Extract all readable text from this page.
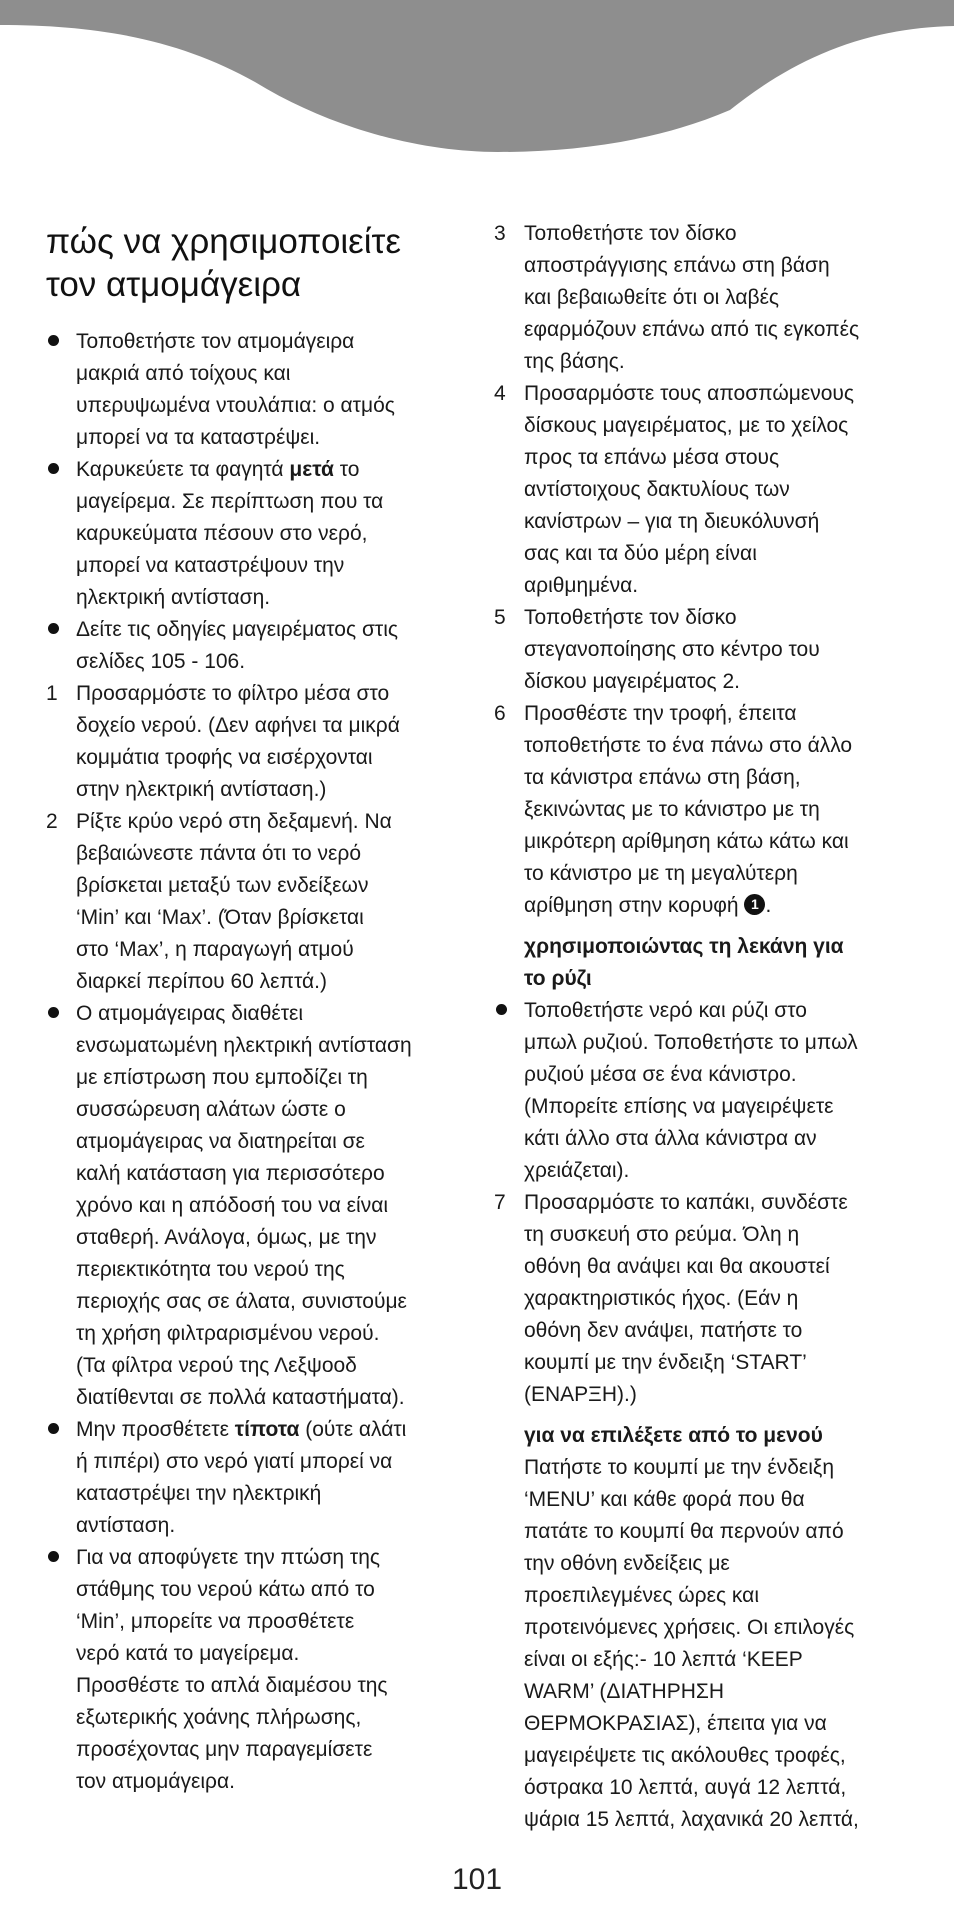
πώς να χρησιμοποιείτε
τον ατμομάγειρα
Τοποθετήστε τον ατμομάγειρα
μακριά από τοίχους και
υπερυψωμένα ντουλάπια: ο ατμός
μπορεί να τα καταστρέψει.
Καρυκεύετε τα φαγητά μετά το
μαγείρεμα. Σε περίπτωση που τα
καρυκεύματα πέσουν στο νερό,
μπορεί να καταστρέψουν την
ηλεκτρική αντίσταση.
Δείτε τις οδηγίες μαγειρέματος στις
σελίδες 105 - 106.
1 Προσαρμόστε το φίλτρο μέσα στο
δοχείο νερού. (Δεν αφήνει τα μικρά
κομμάτια τροφής να εισέρχονται
στην ηλεκτρική αντίσταση.)
2 Ρίξτε κρύο νερό στη δεξαμενή. Να
βεβαιώνεστε πάντα ότι το νερό
βρίσκεται μεταξύ των ενδείξεων
‘Min’ και ‘Max’. (Όταν βρίσκεται
στο ‘Max’, η παραγωγή ατμού
διαρκεί περίπου 60 λεπτά.)
Ο ατμομάγειρας διαθέτει
ενσωματωμένη ηλεκτρική αντίσταση
με επίστρωση που εμποδίζει τη
συσσώρευση αλάτων ώστε ο
ατμομάγειρας να διατηρείται σε
καλή κατάσταση για περισσότερο
χρόνο και η απόδοσή του να είναι
σταθερή. Ανάλογα, όμως, με την
περιεκτικότητα του νερού της
περιοχής σας σε άλατα, συνιστούμε
τη χρήση φιλτραρισμένου νερού.
(Τα φίλτρα νερού της Λεξψοοδ
διατίθενται σε πολλά καταστήματα).
Μην προσθέτετε τίποτα (ούτε αλάτι
ή πιπέρι) στο νερό γιατί μπορεί να
καταστρέψει την ηλεκτρική
αντίσταση.
Για να αποφύγετε την πτώση της
στάθμης του νερού κάτω από το
‘Min’, μπορείτε να προσθέτετε
νερό κατά το μαγείρεμα.
Προσθέστε το απλά διαμέσου της
εξωτερικής χοάνης πλήρωσης,
προσέχοντας μην παραγεμίσετε
τον ατμομάγειρα.
3 Τοποθετήστε τον δίσκο
αποστράγγισης επάνω στη βάση
και βεβαιωθείτε ότι οι λαβές
εφαρμόζουν επάνω από τις εγκοπές
της βάσης.
4 Προσαρμόστε τους αποσπώμενους
δίσκους μαγειρέματος, με το χείλος
προς τα επάνω μέσα στους
αντίστοιχους δακτυλίους των
κανίστρων – για τη διευκόλυνσή
σας και τα δύο μέρη είναι
αριθμημένα.
5 Τοποθετήστε τον δίσκο
στεγανοποίησης στο κέντρο του
δίσκου μαγειρέματος 2.
6 Προσθέστε την τροφή, έπειτα
τοποθετήστε το ένα πάνω στο άλλο
τα κάνιστρα επάνω στη βάση,
ξεκινώντας με το κάνιστρο με τη
μικρότερη αρίθμηση κάτω κάτω και
το κάνιστρο με τη μεγαλύτερη
αρίθμηση στην κορυφή 1 .
χρησιμοποιώντας τη λεκάνη για
το ρύζι
Τοποθετήστε νερό και ρύζι στο
μπωλ ρυζιού. Τοποθετήστε το μπωλ
ρυζιού μέσα σε ένα κάνιστρο.
(Μπορείτε επίσης να μαγειρέψετε
κάτι άλλο στα άλλα κάνιστρα αν
χρειάζεται).
7 Προσαρμόστε το καπάκι, συνδέστε
τη συσκευή στο ρεύμα. Όλη η
οθόνη θα ανάψει και θα ακουστεί
χαρακτηριστικός ήχος. (Εάν η
οθόνη δεν ανάψει, πατήστε το
κουμπί με την ένδειξη ‘START’
(ΕΝΑΡΞΗ).)
για να επιλέξετε από το μενού
Πατήστε το κουμπί με την ένδειξη
‘MENU’ και κάθε φορά που θα
πατάτε το κουμπί θα περνούν από
την οθόνη ενδείξεις με
προεπιλεγμένες ώρες και
προτεινόμενες χρήσεις. Οι επιλογές
είναι οι εξής:- 10 λεπτά ‘KEEP
WARM’ (ΔΙΑΤΗΡΗΣΗ
ΘΕΡΜΟΚΡΑΣΙΑΣ), έπειτα για να
μαγειρέψετε τις ακόλουθες τροφές,
όστρακα 10 λεπτά, αυγά 12 λεπτά,
ψάρια 15 λεπτά, λαχανικά 20 λεπτά,
101
